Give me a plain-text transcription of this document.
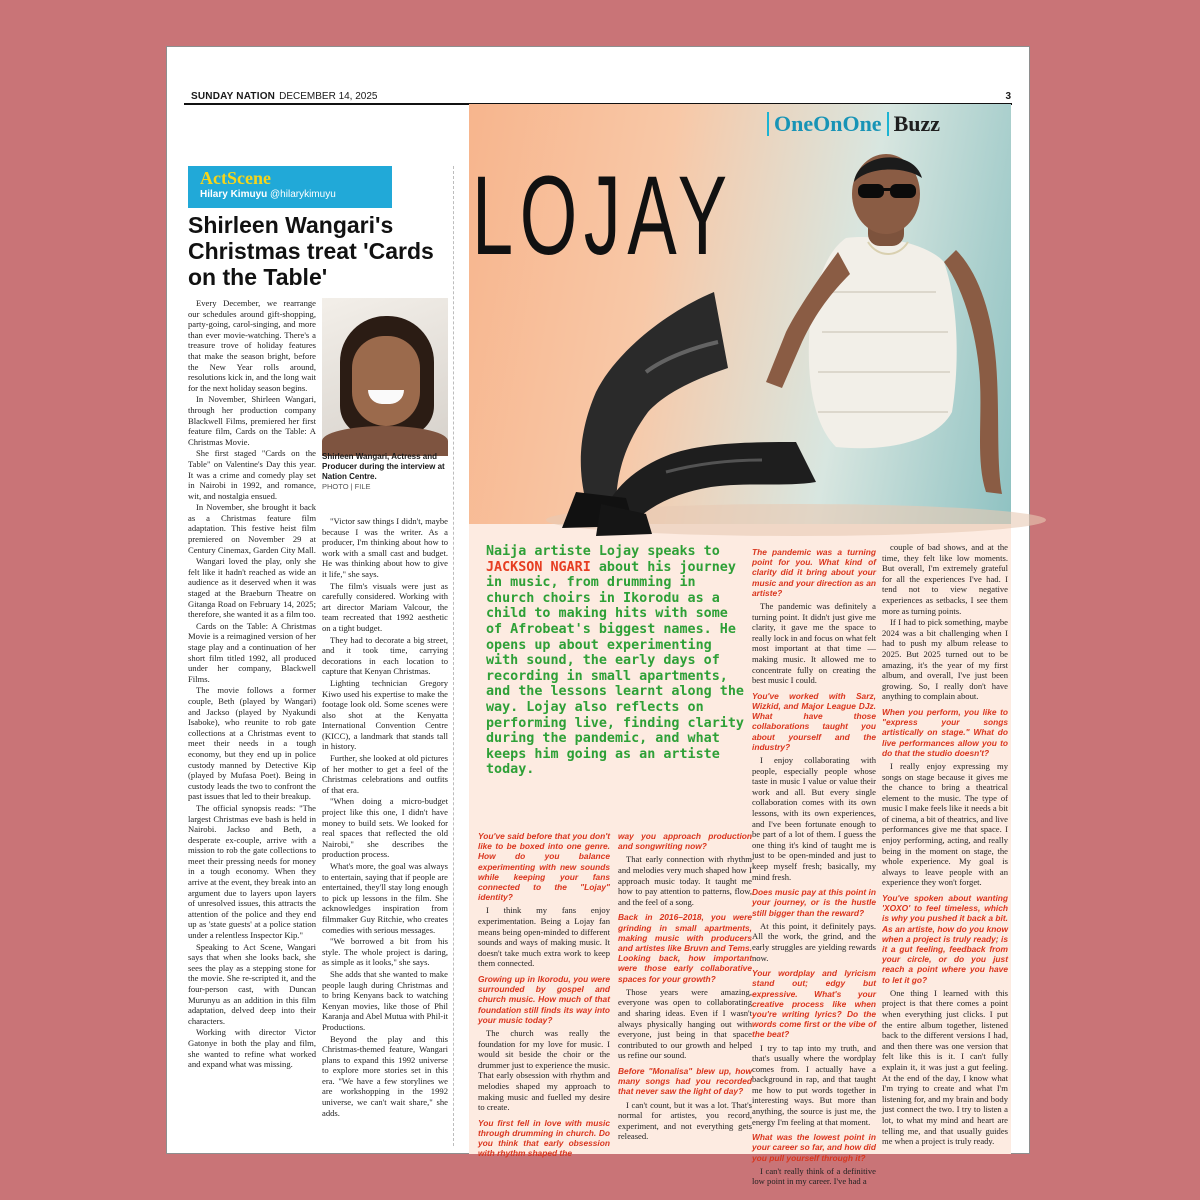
SUNDAY NATION DECEMBER 14, 2025	3
ActScene
Hilary Kimuyu @hilarykimuyu
Shirleen Wangari's Christmas treat 'Cards on the Table'

Every December, we rearrange our schedules around gift-shopping, party-going, carol-singing, and more than ever movie-watching. There's a treasure trove of holiday features that make the season bright, before the New Year rolls around, resolutions kick in, and the long wait for the next holiday season begins.

In November, Shirleen Wangari, through her production company Blackwell Films, premiered her first feature film, Cards on the Table: A Christmas Movie.

She first staged "Cards on the Table" on Valentine's Day this year. It was a crime and comedy play set in Nairobi in 1992, and romance, wit, and nostalgia ensued.

In November, she brought it back as a Christmas feature film adaptation. This festive heist film premiered on November 29 at Century Cinemax, Garden City Mall.

Wangari loved the play, only she felt like it hadn't reached as wide an audience as it deserved when it was staged at the Braeburn Theatre on Gitanga Road on February 14, 2025; therefore, she wanted it as a film too.

Cards on the Table: A Christmas Movie is a reimagined version of her stage play and a continuation of her short film titled 1992, all produced under her company, Blackwell Films.

The movie follows a former couple, Beth (played by Wangari) and Jackso (played by Nyakundi Isaboke), who reunite to rob gate collections at a Christmas event to meet their needs in a tough economy, but they end up in police custody manned by Detective Kip (played by Mufasa Poet). Being in custody leads the two to confront the past issues that led to their breakup.

The official synopsis reads: "The largest Christmas eve bash is held in Nairobi. Jackso and Beth, a desperate ex-couple, arrive with a mission to rob the gate collections to meet their pressing needs for money in a tough economy. When they arrive at the event, they break into an argument due to layers upon layers of unresolved issues, this attracts the attention of the police and they end up as 'state guests' at a police station under a relentless Inspector Kip."

Speaking to Act Scene, Wangari says that when she looks back, she sees the play as a stepping stone for the movie. She re-scripted it, and the four-person cast, with Duncan Murunyu as an addition in this film adaptation, delved deep into their characters.

Working with director Victor Gatonye in both the play and film, she wanted to refine what worked and expand what was missing.

Shirleen Wangari, Actress and Producer during the interview at Nation Centre.
PHOTO | FILE

"Victor saw things I didn't, maybe because I was the writer. As a producer, I'm thinking about how to work with a small cast and budget. He was thinking about how to give it life," she says.

The film's visuals were just as carefully considered. Working with art director Mariam Valcour, the team recreated that 1992 aesthetic on a tight budget.

They had to decorate a big street, and it took time, carrying decorations in each location to capture that Kenyan Christmas.

Lighting technician Gregory Kiwo used his expertise to make the footage look old. Some scenes were also shot at the Kenyatta International Convention Centre (KICC), a landmark that stands tall in history.

Further, she looked at old pictures of her mother to get a feel of the Christmas celebrations and outfits of that era.

"When doing a micro-budget project like this one, I didn't have money to build sets. We looked for real spaces that reflected the old Nairobi," she describes the production process.

What's more, the goal was always to entertain, saying that if people are entertained, they'll stay long enough to pick up lessons in the film. She acknowledges inspiration from filmmaker Guy Ritchie, who creates comedies with serious messages.

"We borrowed a bit from his style. The whole project is daring, as simple as it looks," she says.

She adds that she wanted to make people laugh during Christmas and to bring Kenyans back to watching Kenyan movies, like those of Phil Karanja and Abel Mutua with Phil-it Productions.

Beyond the play and this Christmas-themed feature, Wangari plans to expand this 1992 universe to explore more stories set in this era. "We have a few storylines we are workshopping in the 1992 universe, we can't wait share," she adds.

OneOnOne Buzz
LOJAY
Naija artiste Lojay speaks to JACKSON NGARI about his journey in music, from drumming in church choirs in Ikorodu as a child to making hits with some of Afrobeat's biggest names. He opens up about experimenting with sound, the early days of recording in small apartments, and the lessons learnt along the way. Lojay also reflects on performing live, finding clarity during the pandemic, and what keeps him going as an artiste today.

You've said before that you don't like to be boxed into one genre. How do you balance experimenting with new sounds while keeping your fans connected to the "Lojay" identity?

I think my fans enjoy experimentation. Being a Lojay fan means being open-minded to different sounds and ways of making music. It doesn't take much extra work to keep them connected.

Growing up in Ikorodu, you were surrounded by gospel and church music. How much of that foundation still finds its way into your music today?

The church was really the foundation for my love for music. I would sit beside the choir or the drummer just to experience the music. That early obsession with rhythm and melodies shaped my approach to making music and fuelled my desire to create.

You first fell in love with music through drumming in church. Do you think that early obsession with rhythm shaped the

way you approach production and songwriting now?

That early connection with rhythm and melodies very much shaped how I approach music today. It taught me how to pay attention to patterns, flow, and the feel of a song.

Back in 2016–2018, you were grinding in small apartments, making music with producers and artistes like Bruvn and Tems. Looking back, how important were those early collaborative spaces for your growth?

Those years were amazing, everyone was open to collaborating and sharing ideas. Even if I wasn't always physically hanging out with everyone, just being in that space contributed to our growth and helped us refine our sound.

Before "Monalisa" blew up, how many songs had you recorded that never saw the light of day?

I can't count, but it was a lot. That's normal for artistes, you record, experiment, and not everything gets released.

The pandemic was a turning point for you. What kind of clarity did it bring about your music and your direction as an artiste?

The pandemic was definitely a turning point. It didn't just give me clarity, it gave me the space to really lock in and focus on what felt most important at that time — making music. It allowed me to concentrate fully on creating the best music I could.

You've worked with Sarz, Wizkid, and Major League DJz. What have those collaborations taught you about yourself and the industry?

I enjoy collaborating with people, especially people whose taste in music I value or value their work and all. But every single collaboration comes with its own lessons, with its own experiences, and I've been fortunate enough to be part of a lot of them. I guess the one thing it's kind of taught me is just to be open-minded and just to keep myself fresh; basically, my mind fresh.

Does music pay at this point in your journey, or is the hustle still bigger than the reward?

At this point, it definitely pays. All the work, the grind, and the early struggles are yielding rewards now.

Your wordplay and lyricism stand out; edgy but expressive. What's your creative process like when you're writing lyrics? Do the words come first or the vibe of the beat?

I try to tap into my truth, and that's usually where the wordplay comes from. I actually have a background in rap, and that taught me how to put words together in interesting ways. But more than anything, the source is just me, the energy I'm feeling at that moment.

What was the lowest point in your career so far, and how did you pull yourself through it?

I can't really think of a definitive low point in my career. I've had a

couple of bad shows, and at the time, they felt like low moments. But overall, I'm extremely grateful for all the experiences I've had. I tend not to view negative experiences as setbacks, I see them more as turning points.

If I had to pick something, maybe 2024 was a bit challenging when I had to push my album release to 2025. But 2025 turned out to be amazing, it's the year of my first album, and overall, I've just been growing. So, I really don't have anything to complain about.

When you perform, you like to "express your songs artistically on stage." What do live performances allow you to do that the studio doesn't?

I really enjoy expressing my songs on stage because it gives me the chance to bring a theatrical element to the music. The type of music I make feels like it needs a bit of cinema, a bit of theatrics, and live performances give me that space. I enjoy performing, acting, and really being in the moment on stage, the whole experience. My goal is always to leave people with an experience they won't forget.

You've spoken about wanting 'XOXO' to feel timeless, which is why you pushed it back a bit. As an artiste, how do you know when a project is truly ready; is it a gut feeling, feedback from your circle, or do you just reach a point where you have to let it go?

One thing I learned with this project is that there comes a point when everything just clicks. I put the entire album together, listened back to the different versions I had, and then there was one version that felt like this is it. I can't fully explain it, it was just a gut feeling. At the end of the day, I know what I'm trying to create and what I'm listening for, and my brain and body just connect the two. I try to listen a lot, to what my mind and heart are telling me, and that usually guides me when a project is truly ready.
